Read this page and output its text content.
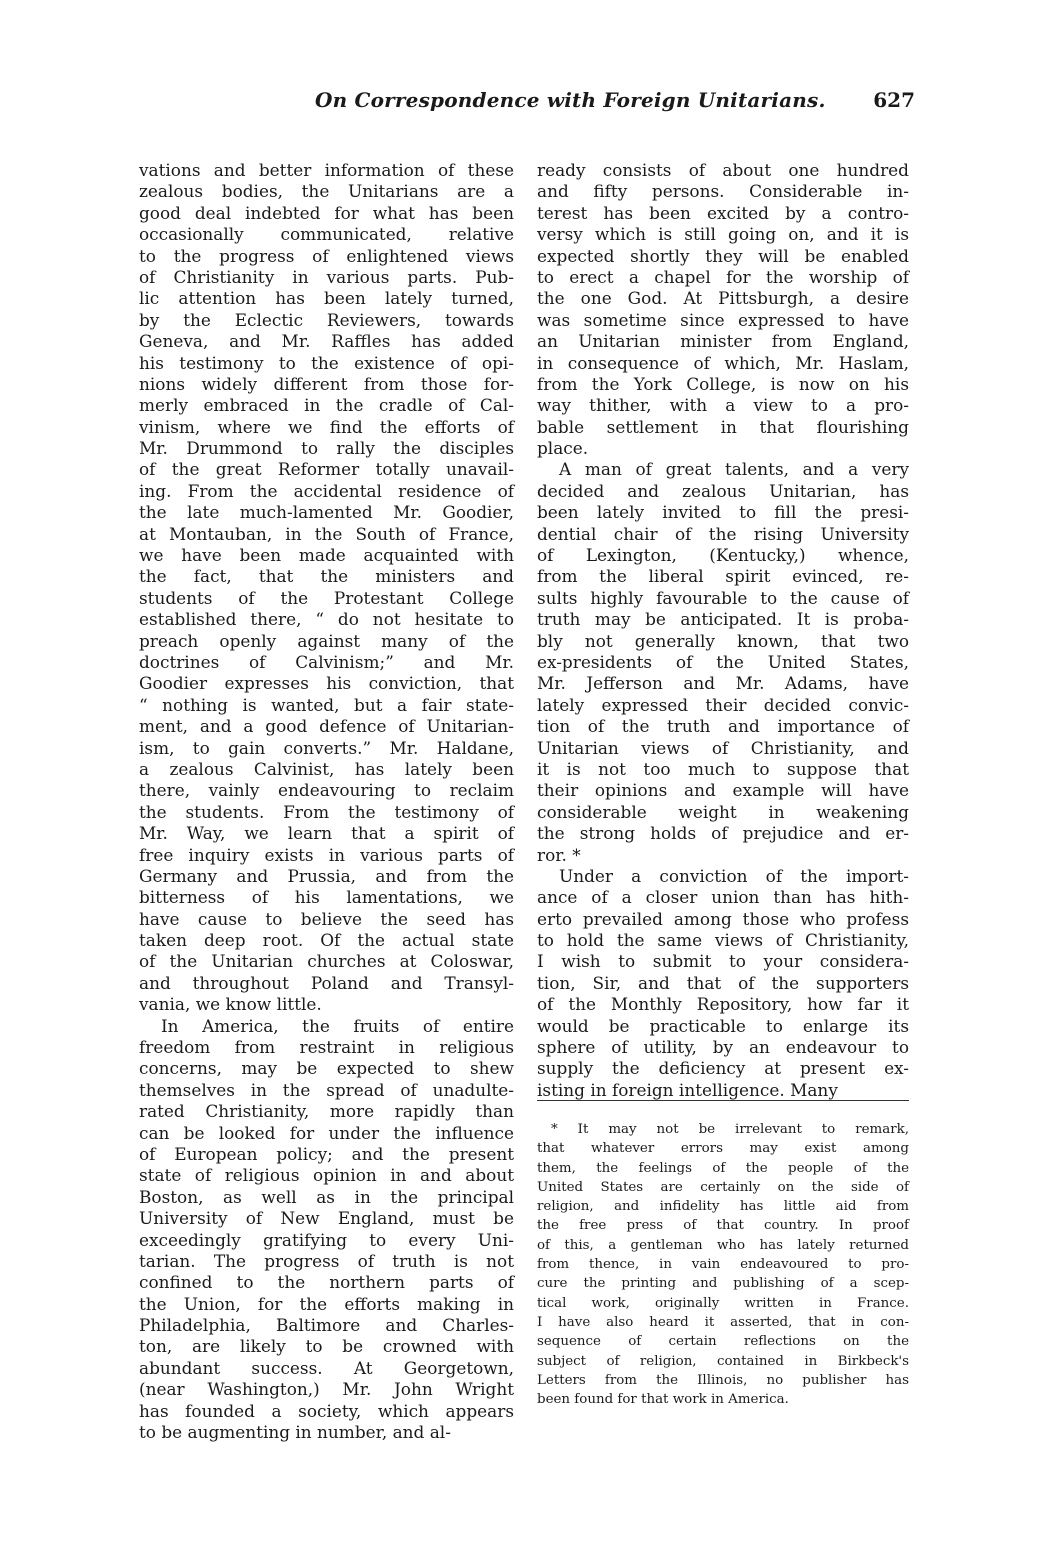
On Correspondence with Foreign Unitarians. 627
vations and better information of these
zealous bodies, the Unitarians are a
good deal indebted for what has been
occasionally communicated, relative
to the progress of enlightened views
of Christianity in various parts. Pub-
lic attention has been lately turned,
by the Eclectic Reviewers, towards
Geneva, and Mr. Raffles has added
his testimony to the existence of opi-
nions widely different from those for-
merly embraced in the cradle of Cal-
vinism, where we find the efforts of
Mr. Drummond to rally the disciples
of the great Reformer totally unavail-
ing. From the accidental residence of
the late much-lamented Mr. Goodier,
at Montauban, in the South of France,
we have been made acquainted with
the fact, that the ministers and
students of the Protestant College
established there, “ do not hesitate to
preach openly against many of the
doctrines of Calvinism;” and Mr.
Goodier expresses his conviction, that
“ nothing is wanted, but a fair state-
ment, and a good defence of Unitarian-
ism, to gain converts.” Mr. Haldane,
a zealous Calvinist, has lately been
there, vainly endeavouring to reclaim
the students. From the testimony of
Mr. Way, we learn that a spirit of
free inquiry exists in various parts of
Germany and Prussia, and from the
bitterness of his lamentations, we
have cause to believe the seed has
taken deep root. Of the actual state
of the Unitarian churches at Coloswar,
and throughout Poland and Transyl-
vania, we know little.
In America, the fruits of entire
freedom from restraint in religious
concerns, may be expected to shew
themselves in the spread of unadulte-
rated Christianity, more rapidly than
can be looked for under the influence
of European policy; and the present
state of religious opinion in and about
Boston, as well as in the principal
University of New England, must be
exceedingly gratifying to every Uni-
tarian. The progress of truth is not
confined to the northern parts of
the Union, for the efforts making in
Philadelphia, Baltimore and Charles-
ton, are likely to be crowned with
abundant success. At Georgetown,
(near Washington,) Mr. John Wright
has founded a society, which appears
to be augmenting in number, and al-
ready consists of about one hundred
and fifty persons. Considerable in-
terest has been excited by a contro-
versy which is still going on, and it is
expected shortly they will be enabled
to erect a chapel for the worship of
the one God. At Pittsburgh, a desire
was sometime since expressed to have
an Unitarian minister from England,
in consequence of which, Mr. Haslam,
from the York College, is now on his
way thither, with a view to a pro-
bable settlement in that flourishing
place.
A man of great talents, and a very
decided and zealous Unitarian, has
been lately invited to fill the presi-
dential chair of the rising University
of Lexington, (Kentucky,) whence,
from the liberal spirit evinced, re-
sults highly favourable to the cause of
truth may be anticipated. It is proba-
bly not generally known, that two
ex-presidents of the United States,
Mr. Jefferson and Mr. Adams, have
lately expressed their decided convic-
tion of the truth and importance of
Unitarian views of Christianity, and
it is not too much to suppose that
their opinions and example will have
considerable weight in weakening
the strong holds of prejudice and er-
ror. *
Under a conviction of the import-
ance of a closer union than has hith-
erto prevailed among those who profess
to hold the same views of Christianity,
I wish to submit to your considera-
tion, Sir, and that of the supporters
of the Monthly Repository, how far it
would be practicable to enlarge its
sphere of utility, by an endeavour to
supply the deficiency at present ex-
isting in foreign intelligence. Many
* It may not be irrelevant to remark,
that whatever errors may exist among
them, the feelings of the people of the
United States are certainly on the side of
religion, and infidelity has little aid from
the free press of that country. In proof
of this, a gentleman who has lately returned
from thence, in vain endeavoured to pro-
cure the printing and publishing of a scep-
tical work, originally written in France.
I have also heard it asserted, that in con-
sequence of certain reflections on the
subject of religion, contained in Birkbeck's
Letters from the Illinois, no publisher has
been found for that work in America.
